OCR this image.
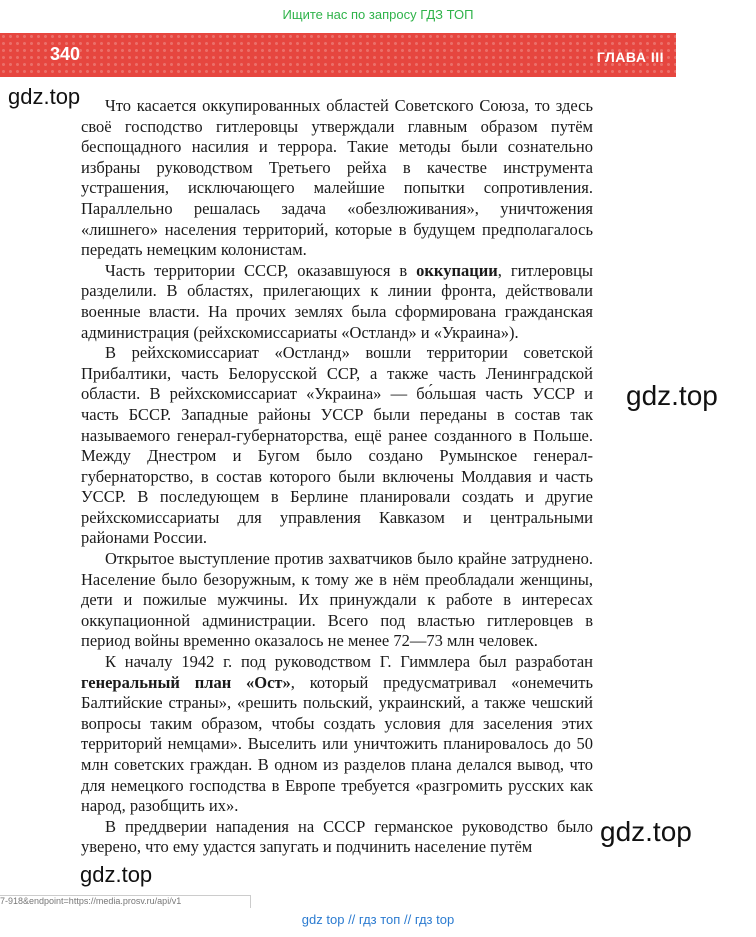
Ищите нас по запросу ГДЗ ТОП
340	ГЛАВА III
gdz.top
gdz.top
gdz.top
gdz.top

Что касается оккупированных областей Советского Союза, то здесь своё господство гитлеровцы утверждали главным образом путём беспощадного насилия и террора. Такие методы были сознательно избраны руководством Третьего рейха в качестве инструмента устрашения, исключающего малейшие попытки сопротивления. Параллельно решалась задача «обезлюживания», уничтожения «лишнего» населения территорий, которые в будущем предполагалось передать немецким колонистам.

Часть территории СССР, оказавшуюся в оккупации, гитлеровцы разделили. В областях, прилегающих к линии фронта, действовали военные власти. На прочих землях была сформирована гражданская администрация (рейхскомиссариаты «Остланд» и «Украина»).

В рейхскомиссариат «Остланд» вошли территории советской Прибалтики, часть Белорусской ССР, а также часть Ленинградской области. В рейхскомиссариат «Украина» — бо́льшая часть УССР и часть БССР. Западные районы УССР были переданы в состав так называемого генерал-губернаторства, ещё ранее созданного в Польше. Между Днестром и Бугом было создано Румынское генерал-губернаторство, в состав которого были включены Молдавия и часть УССР. В последующем в Берлине планировали создать и другие рейхскомиссариаты для управления Кавказом и центральными районами России.

Открытое выступление против захватчиков было крайне затруднено. Население было безоружным, к тому же в нём преобладали женщины, дети и пожилые мужчины. Их принуждали к работе в интересах оккупационной администрации. Всего под властью гитлеровцев в период войны временно оказалось не менее 72—73 млн человек.

К началу 1942 г. под руководством Г. Гиммлера был разработан генеральный план «Ост», который предусматривал «онемечить Балтийские страны», «решить польский, украинский, а также чешский вопросы таким образом, чтобы создать условия для заселения этих территорий немцами». Выселить или уничтожить планировалось до 50 млн советских граждан. В одном из разделов плана делался вывод, что для немецкого господства в Европе требуется «разгромить русских как народ, разобщить их».

В преддверии нападения на СССР германское руководство было уверено, что ему удастся запугать и подчинить население путём

7-918&endpoint=https://media.prosv.ru/api/v1
gdz top // гдз топ // гдз top
